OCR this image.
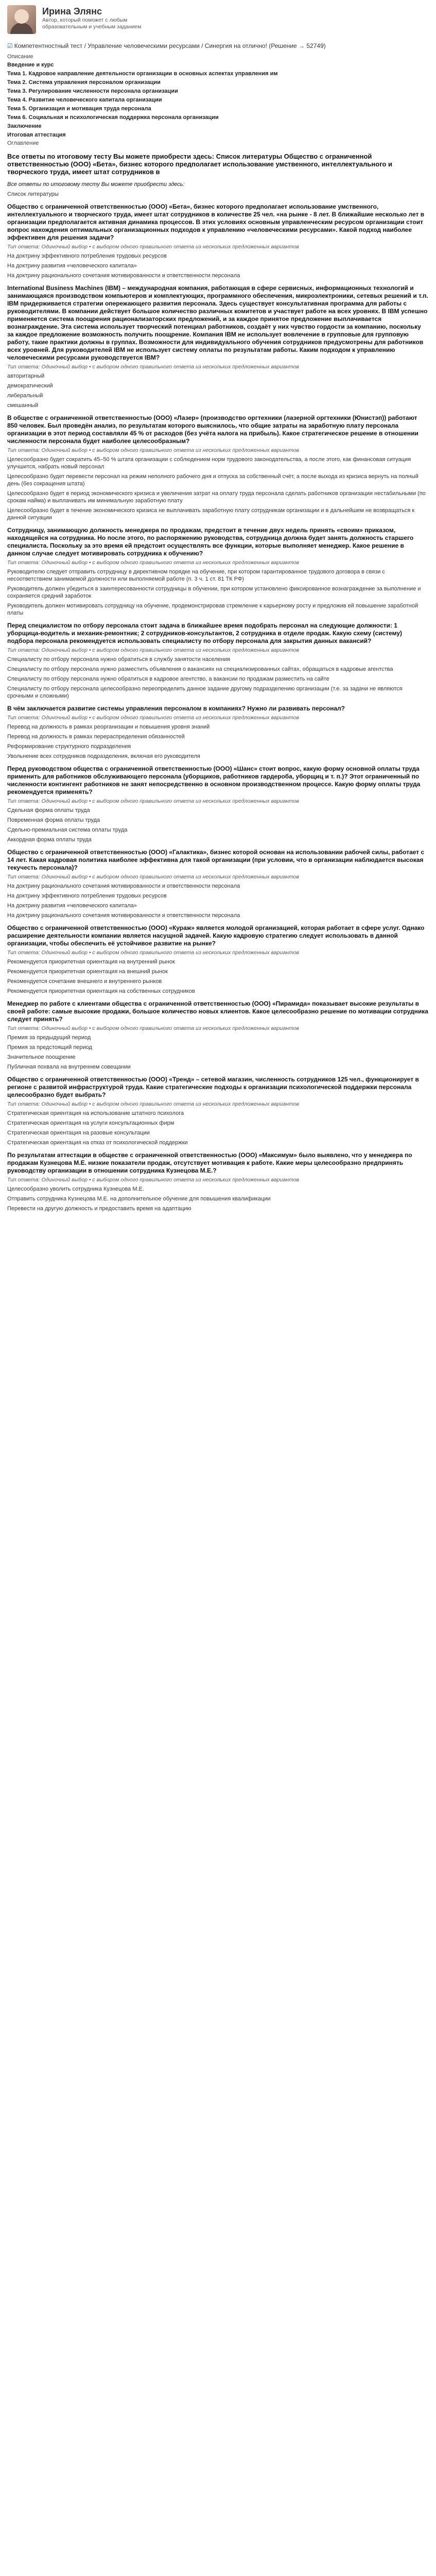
Ирина Элянс
Автор, который поможет с любым образовательным и учебным заданием
☑ Компетентностный тест / Управление человеческими ресурсами / Синергия на отлично! (Решение → 52749)
Описание
Введение и курс
Тема 1. Кадровое направление деятельности организации в основных аспектах управления им
Тема 2. Система управления персоналом организации
Тема 3. Регулирование численности персонала организации
Тема 4. Развитие человеческого капитала организации
Тема 5. Организация и мотивация труда персонала
Тема 6. Социальная и психологическая поддержка персонала организации
Заключение
Итоговая аттестация
Оглавление
Все ответы по итоговому тесту Вы можете приобрести здесь: Список литературы Общество с ограниченной ответственностью (ООО) «Бета», бизнес которого предполагает использование умственного, интеллектуального и творческого труда, имеет штат сотрудников в
Все ответы по итоговому тесту Вы можете приобрести здесь:
Список литературы
Общество с ограниченной ответственностью (ООО) «Бета», бизнес которого предполагает использование умственного, интеллектуального и творческого труда, имеет штат сотрудников в количестве 25 чел. «на рынке - 8 лет. В ближайшие несколько лет в организации предполагается активная динамика процессов. В этих условиях основным управленческим ресурсом организации стоит вопрос нахождения оптимальных организационных подходов к управлению «человеческими ресурсами». Какой подход наиболее эффективен для решения задачи?
Тип ответа: Одиночный выбор • с выбором одного правильного ответа из нескольких предложенных вариантов
На доктрину эффективного потребления трудовых ресурсов
На доктрину развития «человеческого капитала»
На доктрину рационального сочетания мотивированности и ответственности персонала
International Business Machines (IBM) – международная компания, работающая в сфере сервисных, информационных технологий и занимающаяся производством компьютеров и комплектующих, программного обеспечения, микроэлектроники, сетевых решений и т.п. IBM придерживается стратегии опережающего развития персонала. Здесь существует консультативная программа для работы с руководителями. В компании действует большое количество различных комитетов и участвует работе на всех уровнях. В IBM успешно применяется система поощрения рационализаторских предложений, и за каждое принятое предложение выплачивается вознаграждение. Эта система использует творческий потенциал работников, создаёт у них чувство гордости за компанию, поскольку за каждое предложение возможность получить поощрение. Компания IBM не использует вовлечение в групповые для групповую работу, такие практики должны в группах. Возможности для индивидуального обучения сотрудников предусмотрены для работников всех уровней. Для руководителей IBM не использует систему оплаты по результатам работы. Каким подходом к управлению человеческими ресурсами руководствуется IBM?
Тип ответа: Одиночный выбор • с выбором одного правильного ответа из нескольких предложенных вариантов
авторитарный
демократический
либеральный
смешанный
В обществе с ограниченной ответственностью (ООО) «Лазер» (производство оргтехники (лазерной оргтехники (Юнистэп)) работают 850 человек. Был проведён анализ, по результатам которого выяснилось, что общие затраты на заработную плату персонала организации в этот период составляли 45 % от расходов (без учёта налога на прибыль). Какое стратегическое решение в отношении численности персонала будет наиболее целесообразным?
Тип ответа: Одиночный выбор • с выбором одного правильного ответа из нескольких предложенных вариантов
Целесообразно будет сократить 45–50 % штата организации с соблюдением норм трудового законодательства, а после этого, как финансовая ситуация улучшится, набрать новый персонал
Целесообразно будет перевести персонал на режим неполного рабочего дня и отпуска за собственный счёт, а после выхода из кризиса вернуть на полный день (без сокращения штата)
Целесообразно будет в период экономического кризиса и увеличения затрат на оплату труда персонала сделать работников организации нестабильными (по срокам найма) и выплачивать им минимальную заработную плату
Целесообразно будет в течение экономического кризиса не выплачивать заработную плату сотрудникам организации и в дальнейшем не возвращаться к данной ситуации
Сотрудницу, занимающую должность менеджера по продажам, предстоит в течение двух недель принять «своим» приказом, находящейся на сотрудника. Но после этого, по распоряжению руководства, сотрудница должна будет занять должность старшего специалиста. Поскольку за это время ей предстоит осуществлять все функции, которые выполняет менеджер. Какое решение в данном случае следует мотивировать сотрудника к обучению?
Тип ответа: Одиночный выбор • с выбором одного правильного ответа из нескольких предложенных вариантов
Руководителю следует отправить сотрудницу в директивном порядке на обучение, при котором гарантированное трудового договора в связи с несоответствием занимаемой должности или выполняемой работе (п. 3 ч. 1 ст. 81 ТК РФ)
Руководитель должен убедиться в заинтересованности сотрудницы в обучении, при котором установлено фиксированное вознаграждение за выполнение и сохраняется средний заработок
Руководитель должен мотивировать сотрудницу на обучение, продемонстрировав стремление к карьерному росту и предложив ей повышение заработной платы
Перед специалистом по отбору персонала стоит задача в ближайшее время подобрать персонал на следующие должности: 1 уборщица-водитель и механик-ремонтник; 2 сотрудников-консультантов, 2 сотрудника в отделе продаж. Какую схему (систему) подбора персонала рекомендуется использовать специалисту по отбору персонала для закрытия данных вакансий?
Тип ответа: Одиночный выбор • с выбором одного правильного ответа из нескольких предложенных вариантов
Специалисту по отбору персонала нужно обратиться в службу занятости населения
Специалисту по отбору персонала нужно разместить объявления о вакансиях на специализированных сайтах, обращаться в кадровые агентства
Специалисту по отбору персонала нужно обратиться в кадровое агентство, а вакансии по продажам разместить на сайте
Специалисту по отбору персонала целесообразно переопределить данное задание другому подразделению организации (т.е. за задачи не являются срочными и сложными)
В чём заключается развитие системы управления персоналом в компаниях? Нужно ли развивать персонал?
Тип ответа: Одиночный выбор • с выбором одного правильного ответа из нескольких предложенных вариантов
Перевод на должность в рамках реорганизации и повышения уровня знаний
Перевод на должность в рамках перераспределения обязанностей
Реформирование структурного подразделения
Увольнение всех сотрудников подразделения, включая его руководителя
Перед руководством общества с ограниченной ответственностью (ООО) «Шанс» стоит вопрос, какую форму основной оплаты труда применить для работников обслуживающего персонала (уборщиков, работников гардероба, уборщиц и т. п.)? Этот ограниченный по численности контингент работников не занят непосредственно в основном производственном процессе. Какую форму оплаты труда рекомендуется применять?
Тип ответа: Одиночный выбор • с выбором одного правильного ответа из нескольких предложенных вариантов
Сдельная форма оплаты труда
Повременная форма оплаты труда
Сдельно-премиальная система оплаты труда
Аккордная форма оплаты труда
Общество с ограниченной ответственностью (ООО) «Галактика», бизнес которой основан на использовании рабочей силы, работает с 14 лет. Какая кадровая политика наиболее эффективна для такой организации (при условии, что в организации наблюдается высокая текучесть персонала)?
Тип ответа: Одиночный выбор • с выбором одного правильного ответа из нескольких предложенных вариантов
На доктрину рационального сочетания мотивированности и ответственности персонала
На доктрину эффективного потребления трудовых ресурсов
На доктрину развития «человеческого капитала»
На доктрину рационального сочетания мотивированности и ответственности персонала
Общество с ограниченной ответственностью (ООО) «Кураж» является молодой организацией, которая работает в сфере услуг. Однако расширение деятельности компании является насущной задачей. Какую кадровую стратегию следует использовать в данной организации, чтобы обеспечить её устойчивое развитие на рынке?
Тип ответа: Одиночный выбор • с выбором одного правильного ответа из нескольких предложенных вариантов
Рекомендуется приоритетная ориентация на внутренний рынок
Рекомендуется приоритетная ориентация на внешний рынок
Рекомендуется сочетание внешнего и внутреннего рынков
Рекомендуется приоритетная ориентация на собственных сотрудников
Менеджер по работе с клиентами общества с ограниченной ответственностью (ООО) «Пирамида» показывает высокие результаты в своей работе: самые высокие продажи, большое количество новых клиентов. Какое целесообразно решение по мотивации сотрудника следует принять?
Тип ответа: Одиночный выбор • с выбором одного правильного ответа из нескольких предложенных вариантов
Премия за предыдущий период
Премия за предстоящий период
Значительное поощрение
Публичная похвала на внутреннем совещании
Общество с ограниченной ответственностью (ООО) «Тренд» – сетевой магазин, численность сотрудников 125 чел., функционирует в регионе с развитой инфраструктурой труда. Какие стратегические подходы к организации психологической поддержки персонала целесообразно будет выбрать?
Тип ответа: Одиночный выбор • с выбором одного правильного ответа из нескольких предложенных вариантов
Стратегическая ориентация на использование штатного психолога
Стратегическая ориентация на услуги консультационных фирм
Стратегическая ориентация на разовые консультации
Стратегическая ориентация на отказ от психологической поддержки
По результатам аттестации в обществе с ограниченной ответственностью (ООО) «Максимум» было выявлено, что у менеджера по продажам Кузнецова М.Е. низкие показатели продаж, отсутствует мотивация к работе. Какие меры целесообразно предпринять руководству организации в отношении сотрудника Кузнецова М.Е.?
Тип ответа: Одиночный выбор • с выбором одного правильного ответа из нескольких предложенных вариантов
Целесообразно уволить сотрудника Кузнецова М.Е.
Отправить сотрудника Кузнецова М.Е. на дополнительное обучение для повышения квалификации
Перевести на другую должность и предоставить время на адаптацию
